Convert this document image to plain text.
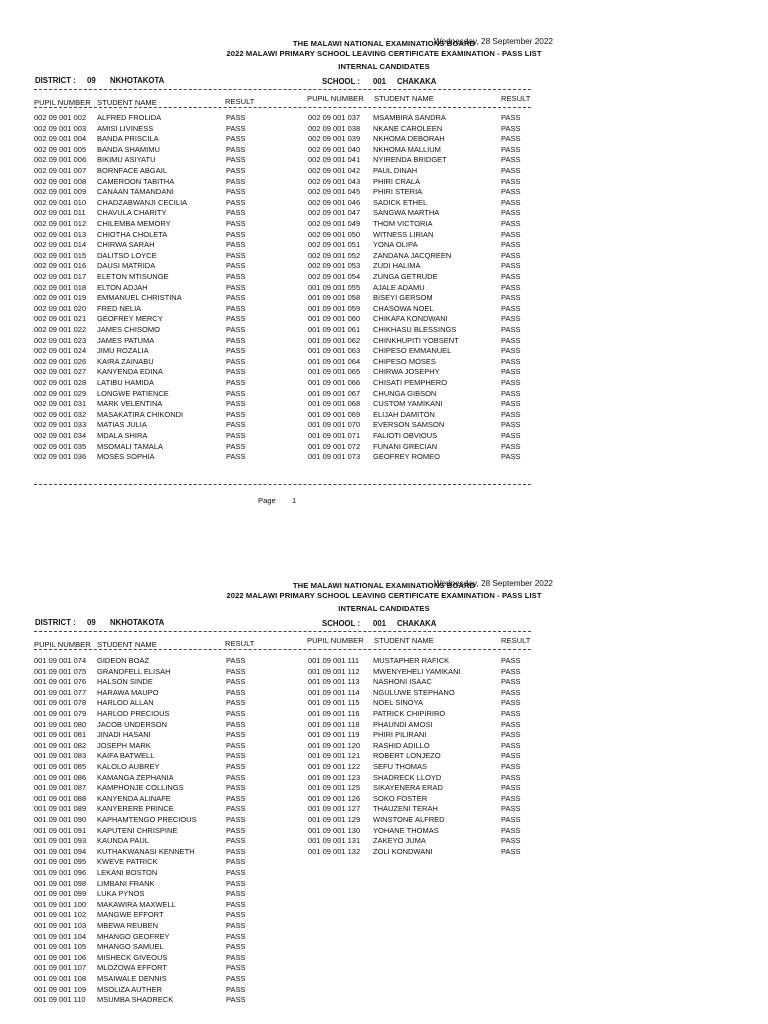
THE MALAWI NATIONAL EXAMINATIONS BOARD
Wednesday, 28 September 2022
2022 MALAWI PRIMARY SCHOOL LEAVING CERTIFICATE EXAMINATION - PASS LIST
INTERNAL CANDIDATES
DISTRICT : 09 NKHOTAKOTA	SCHOOL : 001 CHAKAKA
PUPIL NUMBER STUDENT NAME	RESULT	PUPIL NUMBER STUDENT NAME	RESULT
002 09 001 002 ALFRED FROLIDA	PASS
002 09 001 003 AMISI LIVINESS	PASS
002 09 001 004 BANDA PRISCILA	PASS
002 09 001 005 BANDA SHAMIMU	PASS
002 09 001 006 BIKIMU ASIYATU	PASS
002 09 001 007 BORNFACE ABGAIL	PASS
002 09 001 008 CAMEROON TABITHA	PASS
002 09 001 009 CANAAN TAMANDANI	PASS
002 09 001 010 CHADZABWANJI CECILIA	PASS
002 09 001 011 CHAVULA CHARITY	PASS
002 09 001 012 CHILEMBA MEMORY	PASS
002 09 001 013 CHIOTHA CHOLETA	PASS
002 09 001 014 CHIRWA SARAH	PASS
002 09 001 015 DALITSO LOYCE	PASS
002 09 001 016 DAUSI MATRIDA	PASS
002 09 001 017 ELETON MTISUNGE	PASS
002 09 001 018 ELTON ADJAH	PASS
002 09 001 019 EMMANUEL CHRISTINA	PASS
002 09 001 020 FRED NELIA	PASS
002 09 001 021 GEOFREY MERCY	PASS
002 09 001 022 JAMES CHISOMO	PASS
002 09 001 023 JAMES PATUMA	PASS
002 09 001 024 JIMU ROZALIA	PASS
002 09 001 026 KAIRA ZAINABU	PASS
002 09 001 027 KANYENDA EDINA	PASS
002 09 001 028 LATIBU HAMIDA	PASS
002 09 001 029 LONGWE PATIENCE	PASS
002 09 001 031 MARK VELENTINA	PASS
002 09 001 032 MASAKATIRA CHIKONDI	PASS
002 09 001 033 MATIAS JULIA	PASS
002 09 001 034 MDALA SHIRA	PASS
002 09 001 035 MSOMALI TAMALA	PASS
002 09 001 036 MOSES SOPHIA	PASS
002 09 001 037 MSAMBIRA SANDRA	PASS
002 09 001 038 NKANE CAROLEEN	PASS
002 09 001 039 NKHOMA DEBORAH	PASS
002 09 001 040 NKHOMA MALLIUM	PASS
002 09 001 041 NYIRENDA BRIDGET	PASS
002 09 001 042 PAUL DINAH	PASS
002 09 001 043 PHIRI CRALA	PASS
002 09 001 045 PHIRI STERIA	PASS
002 09 001 046 SADICK ETHEL	PASS
002 09 001 047 SANGWA MARTHA	PASS
002 09 001 049 THOM VICTORIA	PASS
002 09 001 050 WITNESS LIRIAN	PASS
002 09 001 051 YONA OLIPA	PASS
002 09 001 052 ZANDANA JACQREEN	PASS
002 09 001 053 ZUDI HALIMA	PASS
002 09 001 054 ZUNGA GETRUDE	PASS
001 09 001 055 AJALE ADAMU	PASS
001 09 001 058 BISEYI GERSOM	PASS
001 09 001 059 CHASOWA NOEL	PASS
001 09 001 060 CHIKAFA KONDWANI	PASS
001 09 001 061 CHIKHASU BLESSINGS	PASS
001 09 001 062 CHINKHUPITI YOBSENT	PASS
001 09 001 063 CHIPESO EMMANUEL	PASS
001 09 001 064 CHIPESO MOSES	PASS
001 09 001 065 CHIRWA JOSEPHY	PASS
001 09 001 066 CHISATI PEMPHERO	PASS
001 09 001 067 CHUNGA GIBSON	PASS
001 09 001 068 CUSTOM YAMIKANI	PASS
001 09 001 069 ELIJAH DAMITON	PASS
001 09 001 070 EVERSON SAMSON	PASS
001 09 001 071 FALIOTI OBVIOUS	PASS
001 09 001 072 FUNANI GRECIAN	PASS
001 09 001 073 GEOFREY ROMEO	PASS
Page 1
THE MALAWI NATIONAL EXAMINATIONS BOARD
Wednesday, 28 September 2022
2022 MALAWI PRIMARY SCHOOL LEAVING CERTIFICATE EXAMINATION - PASS LIST
INTERNAL CANDIDATES
DISTRICT : 09 NKHOTAKOTA	SCHOOL : 001 CHAKAKA
PUPIL NUMBER STUDENT NAME	RESULT	PUPIL NUMBER STUDENT NAME	RESULT
001 09 001 074 GIDEON BOAZ	PASS
001 09 001 075 GRANDFELL ELISAH	PASS
001 09 001 076 HALSON SINDE	PASS
001 09 001 077 HARAWA MAUPO	PASS
001 09 001 078 HARLOD ALLAN	PASS
001 09 001 079 HARLOD PRECIOUS	PASS
001 09 001 080 JACOB UNDERSON	PASS
001 09 001 081 JINADI HASANI	PASS
001 09 001 082 JOSEPH MARK	PASS
001 09 001 083 KAIFA BATWELL	PASS
001 09 001 085 KALOLO AUBREY	PASS
001 09 001 086 KAMANGA ZEPHANIA	PASS
001 09 001 087 KAMPHONJE COLLINGS	PASS
001 09 001 088 KANYENDA ALINAFE	PASS
001 09 001 089 KANYERERE PRINCE	PASS
001 09 001 090 KAPHAMTENGO PRECIOUS	PASS
001 09 001 091 KAPUTENI CHRISPINE	PASS
001 09 001 093 KAUNDA PAUL	PASS
001 09 001 094 KUTHAKWANASI KENNETH	PASS
001 09 001 095 KWEVE PATRICK	PASS
001 09 001 096 LEKANI BOSTON	PASS
001 09 001 098 LIMBANI FRANK	PASS
001 09 001 099 LUKA PYNOS	PASS
001 09 001 100 MAKAWIRA MAXWELL	PASS
001 09 001 102 MANGWE EFFORT	PASS
001 09 001 103 MBEWA REUBEN	PASS
001 09 001 104 MHANGO GEOFREY	PASS
001 09 001 105 MHANGO SAMUEL	PASS
001 09 001 106 MISHECK GIVEOUS	PASS
001 09 001 107 MLOZOWA EFFORT	PASS
001 09 001 108 MSAIWALE DENNIS	PASS
001 09 001 109 MSOLIZA AUTHER	PASS
001 09 001 110 MSUMBA SHADRECK	PASS
001 09 001 111 MUSTAPHER RAFICK	PASS
001 09 001 112 MWENYEHELI YAMIKANI	PASS
001 09 001 113 NASHONI ISAAC	PASS
001 09 001 114 NGULUWE STEPHANO	PASS
001 09 001 115 NOEL SINOYA	PASS
001 09 001 116 PATRICK CHIPIRIRO	PASS
001 09 001 118 PHAUNDI AMOSI	PASS
001 09 001 119 PHIRI PILIRANI	PASS
001 09 001 120 RASHID ADILLO	PASS
001 09 001 121 ROBERT LONJEZO	PASS
001 09 001 122 SEFU THOMAS	PASS
001 09 001 123 SHADRECK LLOYD	PASS
001 09 001 125 SIKAYENERA ERAD	PASS
001 09 001 126 SOKO FOSTER	PASS
001 09 001 127 THAUZENI TERAH	PASS
001 09 001 129 WINSTONE ALFRED	PASS
001 09 001 130 YOHANE THOMAS	PASS
001 09 001 131 ZAKEYO JUMA	PASS
001 09 001 132 ZOLI KONDWANI	PASS
